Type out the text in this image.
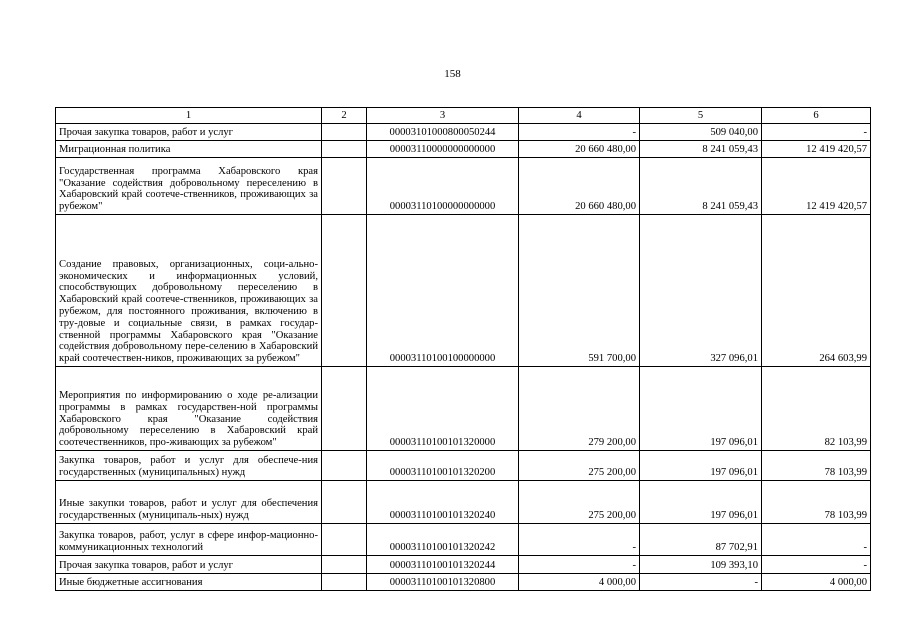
158
1	2	3	4	5	6
Прочая закупка товаров, работ и услуг		00003101000800050244	-	509 040,00	-
Миграционная политика		00003110000000000000	20 660 480,00	8 241 059,43	12 419 420,57
Государственная программа Хабаровского края "Оказание содействия добровольному переселению в Хабаровский край соотече-ственников, проживающих за рубежом"		00003110100000000000	20 660 480,00	8 241 059,43	12 419 420,57
Создание правовых, организационных, соци-ально-экономических и информационных условий, способствующих добровольному переселению в Хабаровский край соотече-ственников, проживающих за рубежом, для постоянного проживания, включению в тру-довые и социальные связи, в рамках государ-ственной программы Хабаровского края "Оказание содействия добровольному пере-селению в Хабаровский край соотечествен-ников, проживающих за рубежом"		00003110100100000000	591 700,00	327 096,01	264 603,99
Мероприятия по информированию о ходе ре-ализации программы в рамках государствен-ной программы Хабаровского края "Оказание содействия добровольному переселению в Хабаровский край соотечественников, про-живающих за рубежом"		00003110100101320000	279 200,00	197 096,01	82 103,99
Закупка товаров, работ и услуг для обеспече-ния государственных (муниципальных) нужд		00003110100101320200	275 200,00	197 096,01	78 103,99
Иные закупки товаров, работ и услуг для обеспечения государственных (муниципаль-ных) нужд		00003110100101320240	275 200,00	197 096,01	78 103,99
Закупка товаров, работ, услуг в сфере инфор-мационно-коммуникационных технологий		00003110100101320242	-	87 702,91	-
Прочая закупка товаров, работ и услуг		00003110100101320244	-	109 393,10	-
Иные бюджетные ассигнования		00003110100101320800	4 000,00	-	4 000,00
